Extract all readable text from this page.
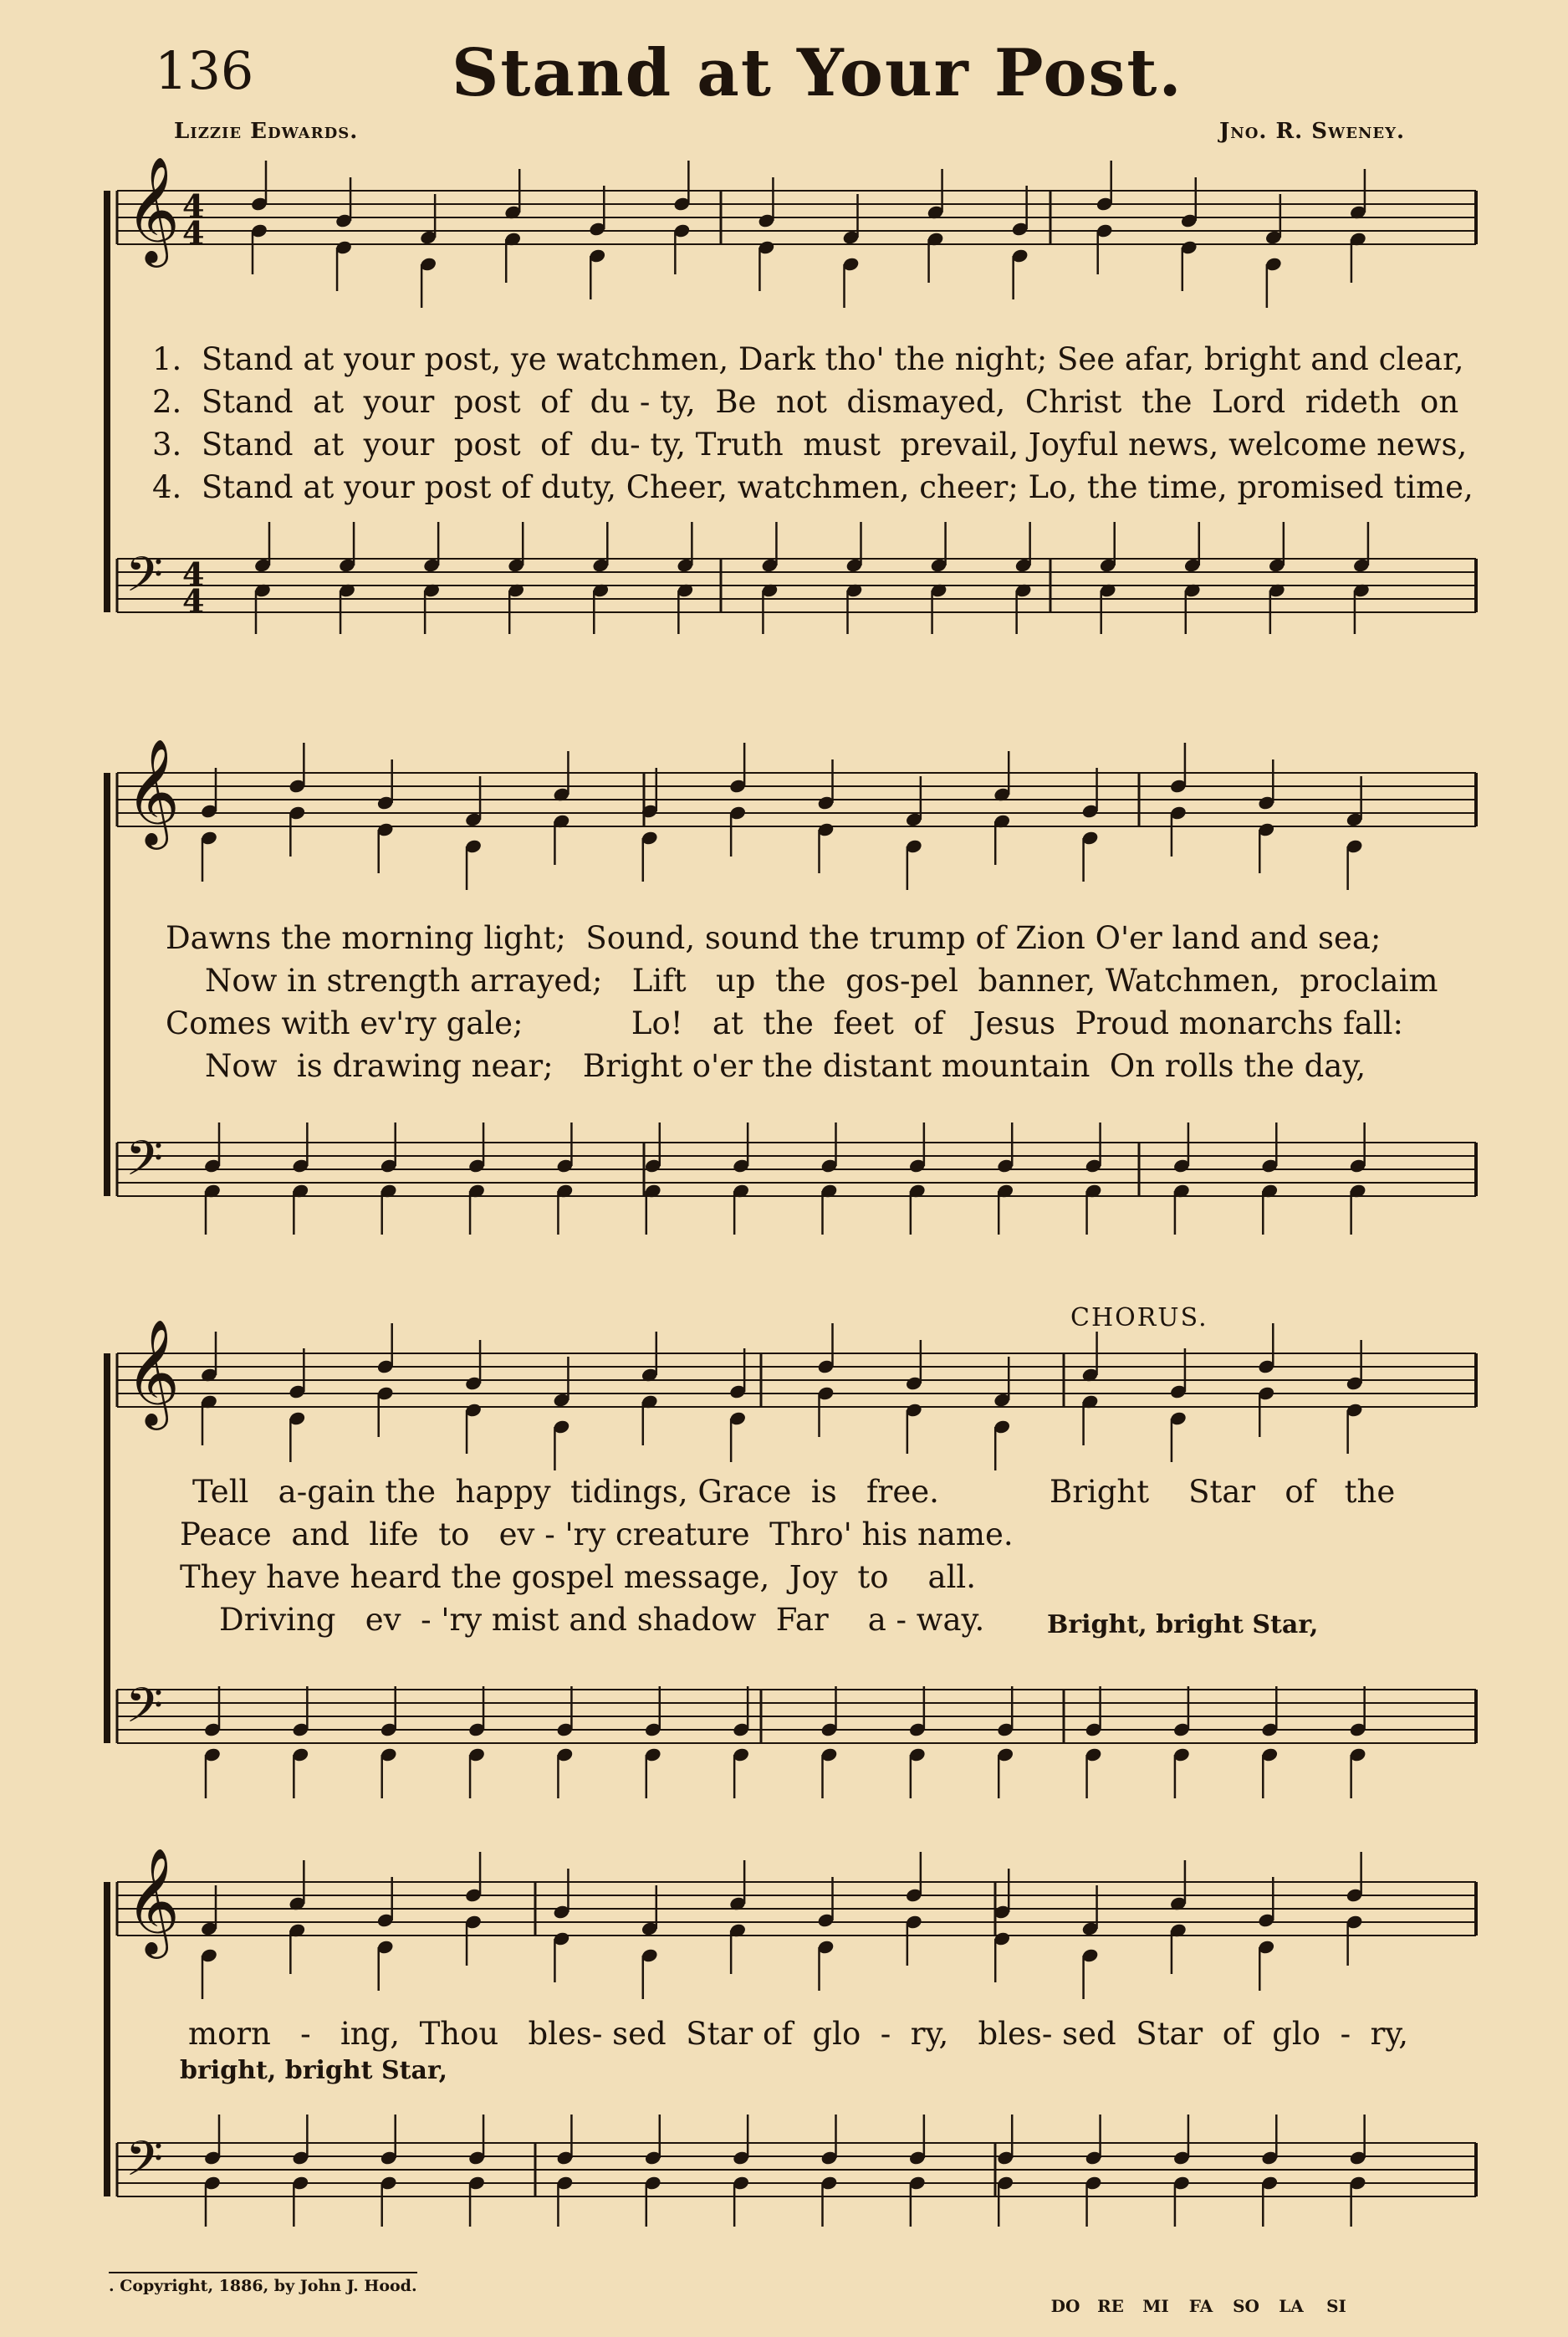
136	Stand at Your Post.
Lizzie Edwards.	Jno. R. Sweney.
𝄞
𝄢
4
4
4
4
𝄞
𝄢
𝄞
𝄢
𝄞
𝄢
1.  Stand at your post, ye watchmen, Dark tho' the night; See afar, bright and clear,
2.  Stand  at  your  post  of  du - ty,  Be  not  dismayed,  Christ  the  Lord  rideth  on
3.  Stand  at  your  post  of  du- ty, Truth  must  prevail, Joyful news, welcome news,
4.  Stand at your post of duty, Cheer, watchmen, cheer; Lo, the time, promised time,
Dawns the morning light;  Sound, sound the trump of Zion O'er land and sea;
Now in strength arrayed;   Lift   up  the  gos-pel  banner, Watchmen,  proclaim
Comes with ev'ry gale;           Lo!   at  the  feet  of   Jesus  Proud monarchs fall:
Now  is drawing near;   Bright o'er the distant mountain  On rolls the day,
CHORUS.
Tell   a-gain the  happy  tidings, Grace  is   free.
Peace  and  life  to   ev - 'ry creature  Thro' his name.
They have heard the gospel message,  Joy  to    all.
Driving   ev  - 'ry mist and shadow  Far    a - way.
Bright    Star   of   the
Bright, bright Star,
morn   -   ing,  Thou   bles- sed  Star of  glo  -  ry,   bles- sed  Star  of  glo  -  ry,
bright, bright Star,
. Copyright, 1886, by John J. Hood.
DO	RE	MI	FA	SO	LA	SI
